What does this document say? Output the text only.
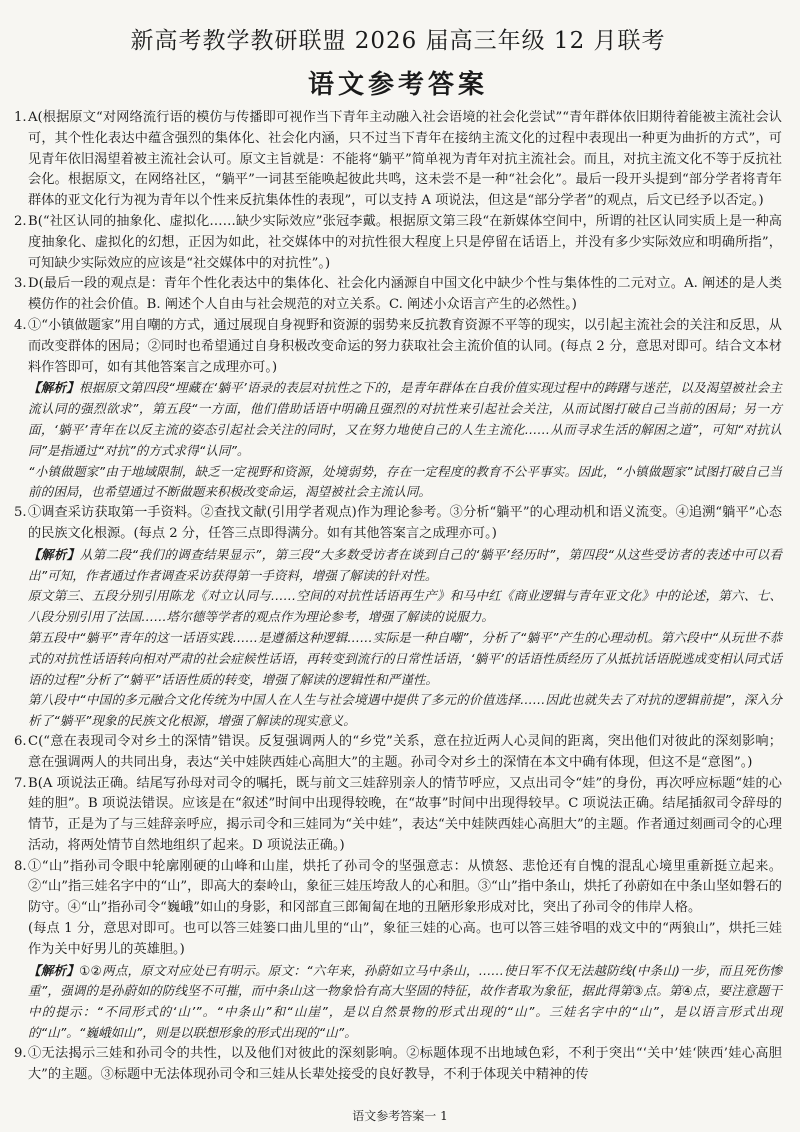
新高考教学教研联盟 2026 届高三年级 12 月联考
语文参考答案
1. A(根据原文“对网络流行语的模仿与传播即可视作当下青年主动融入社会语境的社会化尝试”“青年群体依旧期待着能被主流社会认可，其个性化表达中蕴含强烈的集体化、社会化内涵，只不过当下青年在接纳主流文化的过程中表现出一种更为曲折的方式”，可见青年依旧渴望着被主流社会认可。原文主旨就是：不能将“躺平”简单视为青年对抗主流社会。而且，对抗主流文化不等于反抗社会化。根据原文，在网络社区，“躺平”一词甚至能唤起彼此共鸣，这未尝不是一种“社会化”。最后一段开头提到“部分学者将青年群体的亚文化行为视为青年以个性来反抗集体性的表现”，可以支持 A 项说法，但这是“部分学者”的观点，后文已经予以否定。)

2. B(“社区认同的抽象化、虚拟化……缺少实际效应”张冠李戴。根据原文第三段“在新媒体空间中，所谓的社区认同实质上是一种高度抽象化、虚拟化的幻想，正因为如此，社交媒体中的对抗性很大程度上只是停留在话语上，并没有多少实际效应和明确所指”，可知缺少实际效应的应该是“社交媒体中的对抗性”。)

3. D(最后一段的观点是：青年个性化表达中的集体化、社会化内涵源自中国文化中缺少个性与集体性的二元对立。A. 阐述的是人类模仿作的社会价值。B. 阐述个人自由与社会规范的对立关系。C. 阐述小众语言产生的必然性。)

4. ①“小镇做题家”用自嘲的方式，通过展现自身视野和资源的弱势来反抗教育资源不平等的现实，以引起主流社会的关注和反思，从而改变群体的困局；②同时也希望通过自身积极改变命运的努力获取社会主流价值的认同。(每点 2 分，意思对即可。结合文本材料作答即可，如有其他答案言之成理亦可。)

【解析】根据原文第四段“埋藏在‘躺平’语录的表层对抗性之下的，是青年群体在自我价值实现过程中的踌躇与迷茫，以及渴望被社会主流认同的强烈欲求”，第五段“一方面，他们借助话语中明确且强烈的对抗性来引起社会关注，从而试图打破自己当前的困局；另一方面，‘躺平’青年在以反主流的姿态引起社会关注的同时，又在努力地使自己的人生主流化……从而寻求生活的解困之道”，可知“对抗认同”是指通过“对抗”的方式求得“认同”。

“小镇做题家”由于地域限制，缺乏一定视野和资源，处境弱势，存在一定程度的教育不公平事实。因此，“小镇做题家”试图打破自己当前的困局，也希望通过不断做题来积极改变命运，渴望被社会主流认同。

5. ①调查采访获取第一手资料。②查找文献(引用学者观点)作为理论参考。③分析“躺平”的心理动机和语义流变。④追溯“躺平”心态的民族文化根源。(每点 2 分，任答三点即得满分。如有其他答案言之成理亦可。)

【解析】从第二段“我们的调查结果显示”，第三段“大多数受访者在谈到自己的‘躺平’经历时”，第四段“从这些受访者的表述中可以看出”可知，作者通过作者调查采访获得第一手资料，增强了解读的针对性。

原文第三、五段分别引用陈龙《对立认同与……空间的对抗性话语再生产》和马中红《商业逻辑与青年亚文化》中的论述，第六、七、八段分别引用了法国……塔尔德等学者的观点作为理论参考，增强了解读的说服力。

第五段中“躺平”青年的这一话语实践……是遵循这种逻辑……实际是一种自嘲”，分析了“躺平”产生的心理动机。第六段中“从玩世不恭式的对抗性话语转向相对严肃的社会症候性话语，再转变到流行的日常性话语，‘躺平’的话语性质经历了从抵抗话语脱逃成变相认同式话语的过程”分析了“躺平”话语性质的转变，增强了解读的逻辑性和严谨性。

第八段中“中国的多元融合文化传统为中国人在人生与社会境遇中提供了多元的价值选择……因此也就失去了对抗的逻辑前提”，深入分析了“躺平”现象的民族文化根源，增强了解读的现实意义。

6. C(“意在表现司令对乡土的深情”错误。反复强调两人的“乡党”关系，意在拉近两人心灵间的距离，突出他们对彼此的深刻影响；意在强调两人的共同出身，表达“关中娃陕西娃心高胆大”的主题。孙司令对乡土的深情在本文中确有体现，但这不是“意图”。)

7. B(A 项说法正确。结尾写孙母对司令的嘱托，既与前文三娃辞别亲人的情节呼应，又点出司令“娃”的身份，再次呼应标题“娃的心娃的胆”。B 项说法错误。应该是在“叙述”时间中出现得较晚，在“故事”时间中出现得较早。C 项说法正确。结尾插叙司令辞母的情节，正是为了与三娃辞亲呼应，揭示司令和三娃同为“关中娃”，表达“关中娃陕西娃心高胆大”的主题。作者通过刻画司令的心理活动，将两处情节自然地组织了起来。D 项说法正确。)

8. ①“山”指孙司令眼中轮廓刚硬的山峰和山崖，烘托了孙司令的坚强意志：从愤怒、悲怆还有自愧的混乱心境里重新挺立起来。②“山”指三娃名字中的“山”，即高大的秦岭山，象征三娃压垮敌人的心和胆。③“山”指中条山，烘托了孙蔚如在中条山坚如磐石的防守。④“山”指孙司令“巍峨”如山的身影，和冈部直三郎匍匐在地的丑陋形象形成对比，突出了孙司令的伟岸人格。

(每点 1 分，意思对即可。也可以答三娃篓口曲儿里的“山”，象征三娃的心高。也可以答三娃爷唱的戏文中的“两狼山”，烘托三娃作为关中好男儿的英雄胆。)

【解析】①②两点，原文对应处已有明示。原文：“六年来，孙蔚如立马中条山，……使日军不仅无法越防线(中条山)一步，而且死伤惨重”，强调的是孙蔚如的防线坚不可摧，而中条山这一物象恰有高大坚固的特征，故作者取为象征，据此得第③点。第④点，要注意题干中的提示：“不同形式的‘山’”。“中条山”和“山崖”，是以自然景物的形式出现的“山”。三娃名字中的“山”，是以语言形式出现的“山”。“巍峨如山”，则是以联想形象的形式出现的“山”。

9. ①无法揭示三娃和孙司令的共性，以及他们对彼此的深刻影响。②标题体现不出地域色彩，不利于突出“‘关中’娃‘陕西’娃心高胆大”的主题。③标题中无法体现孙司令和三娃从长辈处接受的良好教导，不利于体现关中精神的传

语文参考答案一 1
